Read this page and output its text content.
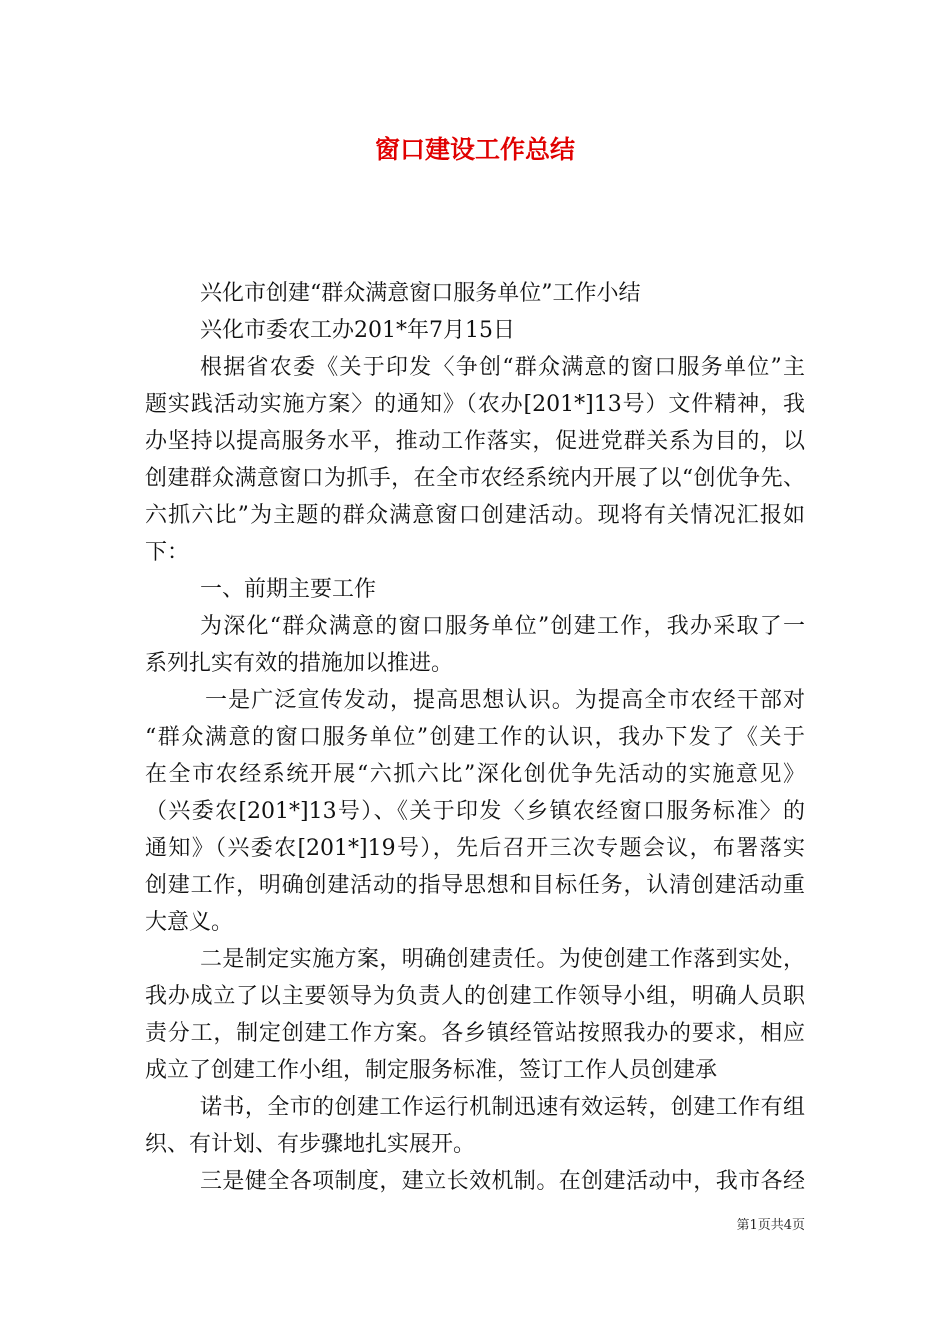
窗口建设工作总结

兴化市创建“群众满意窗口服务单位”工作小结

兴化市委农工办201*年7月15日

根据省农委《关于印发〈争创“群众满意的窗口服务单位”主
题实践活动实施方案〉的通知》（农办[201*]13号）文件精神，我
办坚持以提高服务水平，推动工作落实，促进党群关系为目的，以
创建群众满意窗口为抓手，在全市农经系统内开展了以“创优争先、
六抓六比”为主题的群众满意窗口创建活动。现将有关情况汇报如
下：

一、前期主要工作

为深化“群众满意的窗口服务单位”创建工作，我办采取了一
系列扎实有效的措施加以推进。

一是广泛宣传发动，提高思想认识。为提高全市农经干部对
“群众满意的窗口服务单位”创建工作的认识，我办下发了《关于
在全市农经系统开展“六抓六比”深化创优争先活动的实施意见》
（兴委农[201*]13号）、《关于印发〈乡镇农经窗口服务标准〉的
通知》（兴委农[201*]19号），先后召开三次专题会议，布署落实
创建工作，明确创建活动的指导思想和目标任务，认清创建活动重
大意义。

二是制定实施方案，明确创建责任。为使创建工作落到实处，
我办成立了以主要领导为负责人的创建工作领导小组，明确人员职
责分工，制定创建工作方案。各乡镇经管站按照我办的要求，相应
成立了创建工作小组，制定服务标准，签订工作人员创建承

诺书，全市的创建工作运行机制迅速有效运转，创建工作有组
织、有计划、有步骤地扎实展开。

三是健全各项制度，建立长效机制。在创建活动中，我市各经

第1页共4页
